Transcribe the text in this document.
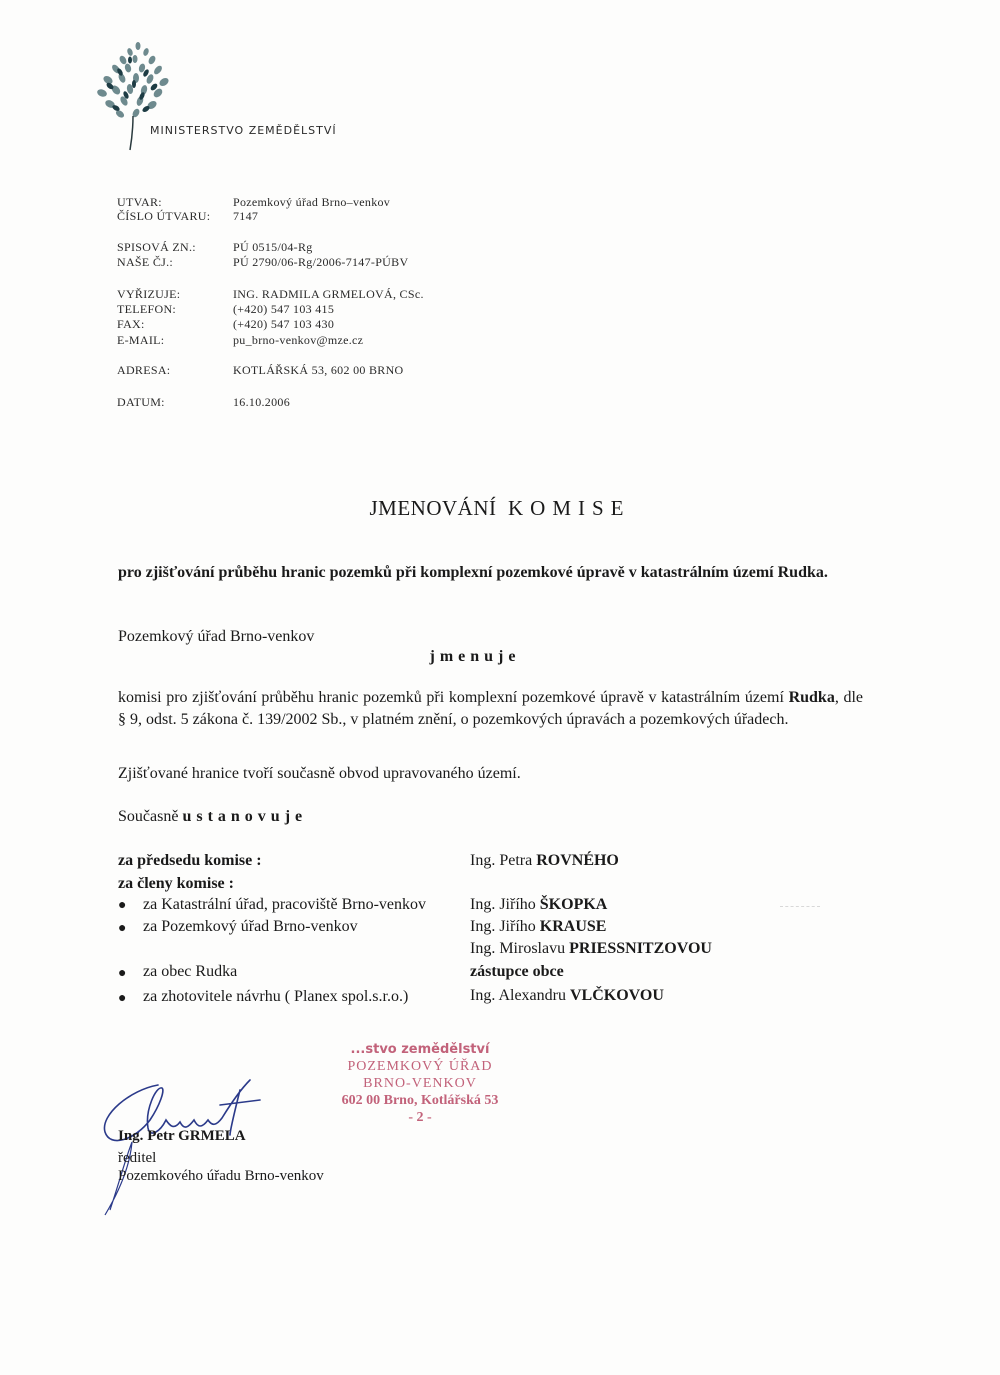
MINISTERSTVO ZEMĚDĚLSTVÍ
UTVAR:	Pozemkový úřad Brno–venkov
ČÍSLO ÚTVARU:	7147
SPISOVÁ ZN.:	PÚ 0515/04-Rg
NAŠE ČJ.:	PÚ 2790/06-Rg/2006-7147-PÚBV
VYŘIZUJE:	ING. RADMILA GRMELOVÁ, CSc.
TELEFON:	(+420) 547 103 415
FAX:	(+420) 547 103 430
E-MAIL:	pu_brno-venkov@mze.cz
ADRESA:	KOTLÁŘSKÁ 53, 602 00 BRNO
DATUM:	16.10.2006
JMENOVÁNÍ KOMISE
pro zjišťování průběhu hranic pozemků při komplexní pozemkové úpravě v katastrálním území Rudka.
Pozemkový úřad Brno-venkov
jmenuje
komisi pro zjišťování průběhu hranic pozemků při komplexní pozemkové úpravě v katastrálním území Rudka, dle § 9, odst. 5 zákona č. 139/2002 Sb., v platném znění, o pozemkových úpravách a pozemkových úřadech.
Zjišťované hranice tvoří současně obvod upravovaného území.
Současně ustanovuje
za předsedu komise :	Ing. Petra ROVNÉHO
za členy komise :
● za Katastrální úřad, pracoviště Brno-venkov	Ing. Jiřího ŠKOPKA
● za Pozemkový úřad Brno-venkov	Ing. Jiřího KRAUSE
Ing. Miroslavu PRIESSNITZOVOU
● za obec Rudka	zástupce obce
● za zhotovitele návrhu ( Planex spol.s.r.o.)	Ing. Alexandru VLČKOVOU
...stvo zemědělství
POZEMKOVÝ ÚŘAD
BRNO-VENKOV
602 00 Brno, Kotlářská 53
- 2 -
Ing. Petr GRMELA
ředitel
Pozemkového úřadu Brno-venkov
